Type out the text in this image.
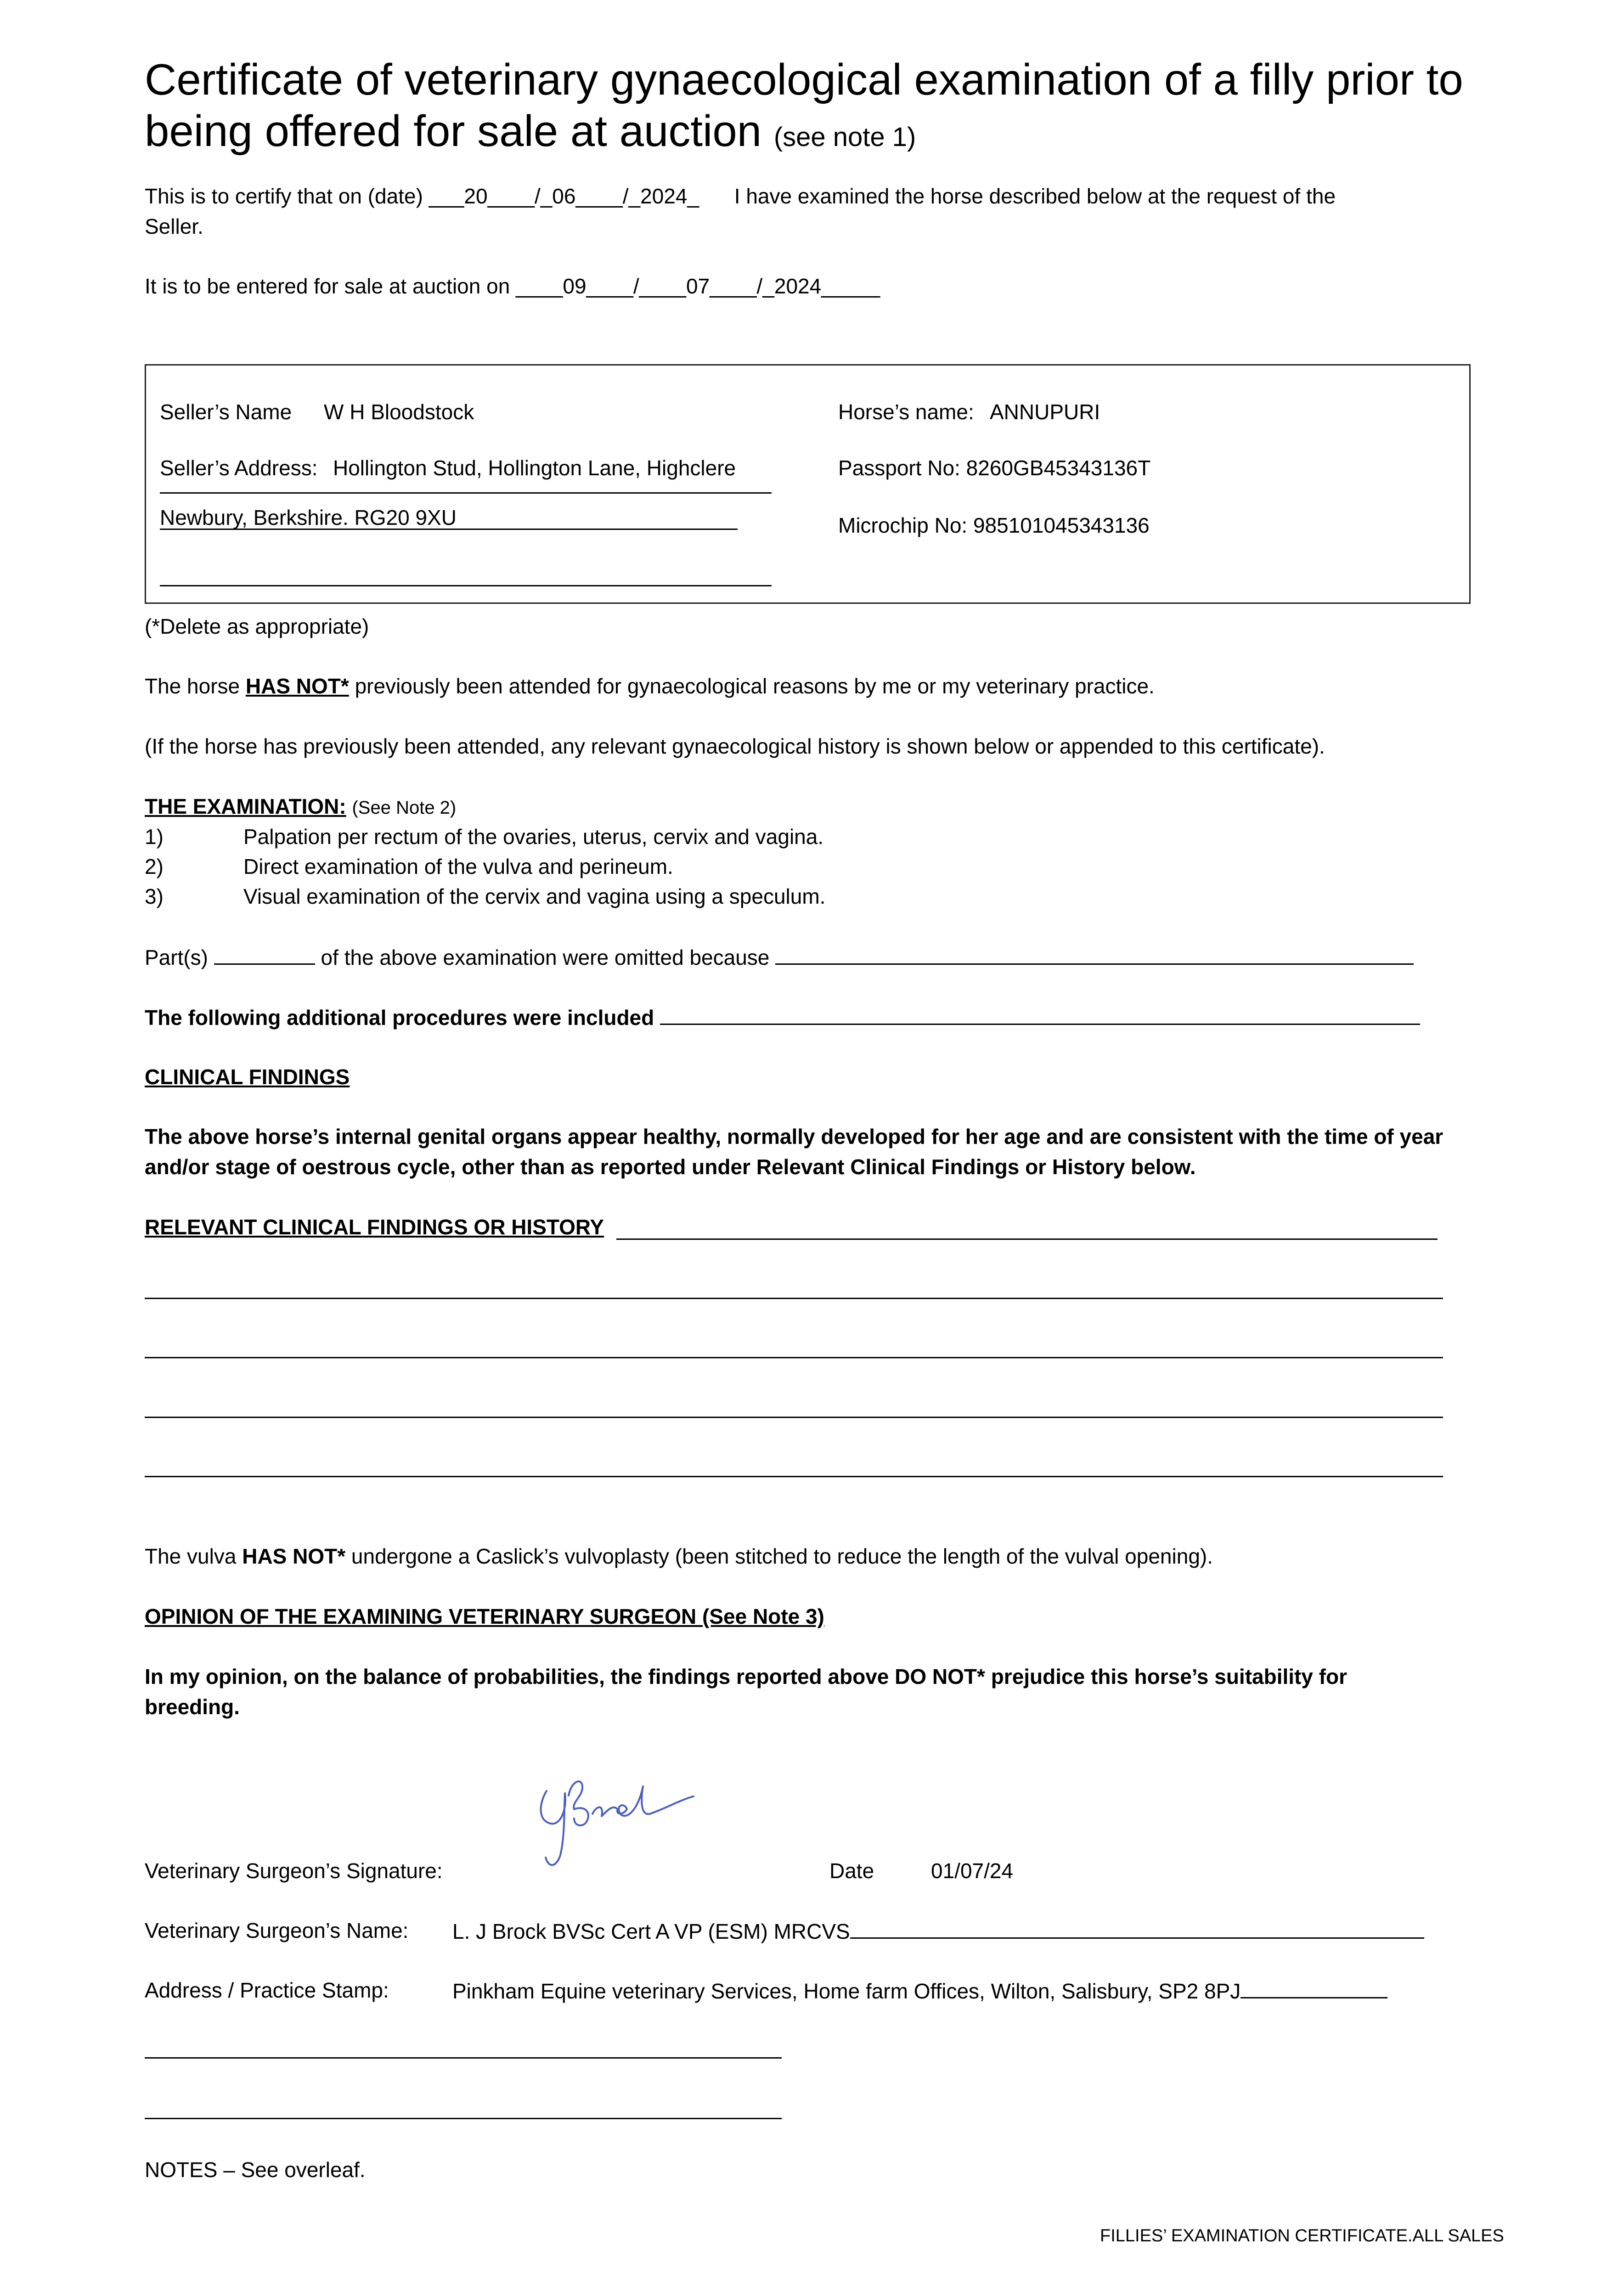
Certificate of veterinary gynaecological examination of a filly prior to
being offered for sale at auction (see note 1)
This is to certify that on (date) ___20____/_06____/_2024_      I have examined the horse described below at the request of the
Seller.
It is to be entered for sale at auction on ____09____/____07____/_2024_____
Seller’s Name W H Bloodstock
Seller’s Address: Hollington Stud, Hollington Lane, Highclere
Newbury, Berkshire. RG20 9XU
Horse’s name: ANNUPURI
Passport No: 8260GB45343136T
Microchip No: 985101045343136
(*Delete as appropriate)
The horse HAS NOT* previously been attended for gynaecological reasons by me or my veterinary practice.
(If the horse has previously been attended, any relevant gynaecological history is shown below or appended to this certificate).
THE EXAMINATION: (See Note 2)
1)	Palpation per rectum of the ovaries, uterus, cervix and vagina.
2)	Direct examination of the vulva and perineum.
3)	Visual examination of the cervix and vagina using a speculum.
Part(s)	of the above examination were omitted because
The following additional procedures were included
CLINICAL FINDINGS
The above horse’s internal genital organs appear healthy, normally developed for her age and are consistent with the time of year
and/or stage of oestrous cycle, other than as reported under Relevant Clinical Findings or History below.
RELEVANT CLINICAL FINDINGS OR HISTORY
The vulva HAS NOT* undergone a Caslick’s vulvoplasty (been stitched to reduce the length of the vulval opening).
OPINION OF THE EXAMINING VETERINARY SURGEON (See Note 3)
In my opinion, on the balance of probabilities, the findings reported above DO NOT* prejudice this horse’s suitability for
breeding.
Veterinary Surgeon’s Signature:	Date	01/07/24
Veterinary Surgeon’s Name: L. J Brock BVSc Cert A VP (ESM) MRCVS
Address / Practice Stamp:	Pinkham Equine veterinary Services, Home farm Offices, Wilton, Salisbury, SP2 8PJ
NOTES – See overleaf.
FILLIES’ EXAMINATION CERTIFICATE.ALL SALES
